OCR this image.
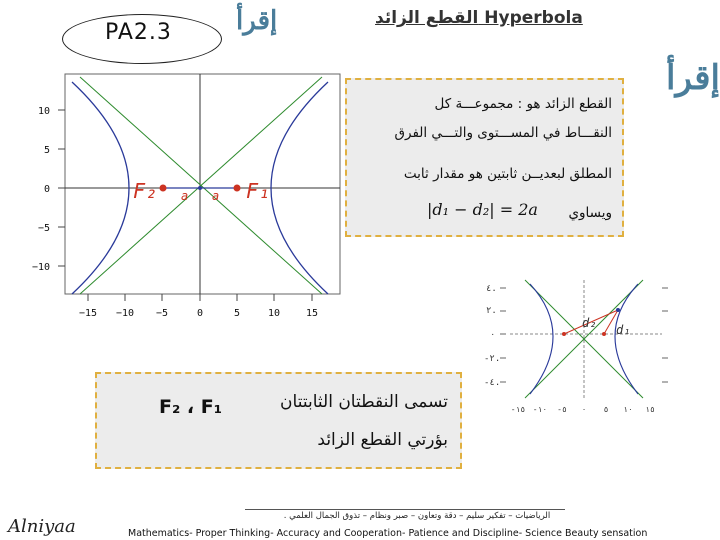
PA2.3 إقرأ	القطع الزائد Hyperbola
إقرأ
10
5
0
−5
−10
−15 −10 −5	0	5	10	15
F₂	F₁
a a
القطع الزائد هو : مجموعـــة كل
النقـــاط في المســـتوى والتـــي الفرق
المطلق لبعديــن ثابتين هو مقدار ثابت
ويساوي
|d₁ − d₂| = 2a
٤.
٢.
٠
-٢.
-٤.
-١٥ -١٠ -٥ ٠ ٥ ١٠ ١٥
d₂ d₁
F₂ ، F₁	تسمى النقطتان الثابتتان
بؤرتي القطع الزائد
الرياضيات – تفكير سليم – دقة وتعاون – صبر ونظام – تذوق الجمال العلمي .
Alniyaa	Mathematics- Proper Thinking- Accuracy and Cooperation- Patience and Discipline- Science Beauty sensation
